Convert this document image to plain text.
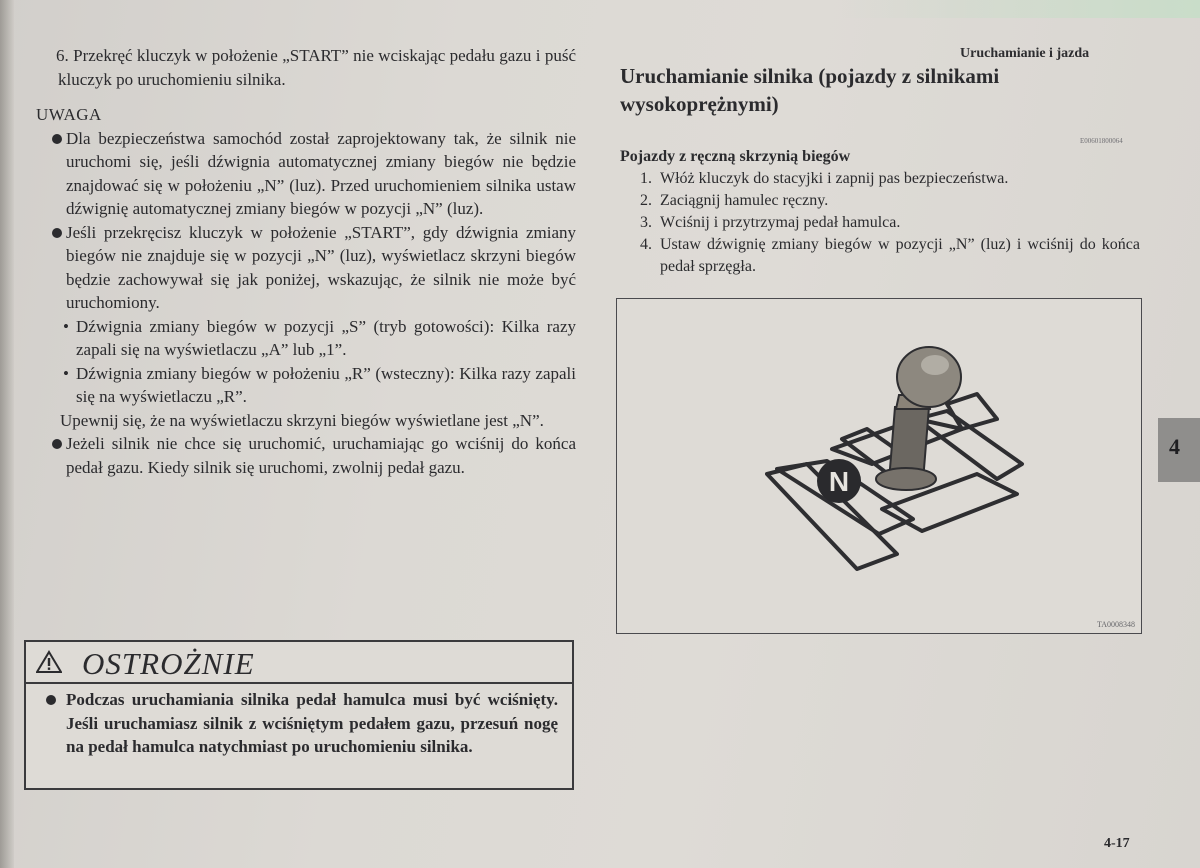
Uruchamianie i jazda

6. Przekręć kluczyk w położenie „START” nie wciskając pedału gazu i puść kluczyk po uruchomieniu silnika.

UWAGA

Dla bezpieczeństwa samochód został zaprojektowany tak, że silnik nie uruchomi się, jeśli dźwignia automatycznej zmiany biegów nie będzie znajdować się w położeniu „N” (luz). Przed uruchomieniem silnika ustaw dźwignię automatycznej zmiany biegów w pozycji „N” (luz).
Jeśli przekręcisz kluczyk w położenie „START”, gdy dźwignia zmiany biegów nie znajduje się w pozycji „N” (luz), wyświetlacz skrzyni biegów będzie zachowywał się jak poniżej, wskazując, że silnik nie może być uruchomiony.
• Dźwignia zmiany biegów w pozycji „S” (tryb gotowości): Kilka razy zapali się na wyświetlaczu „A” lub „1”.
• Dźwignia zmiany biegów w położeniu „R” (wsteczny): Kilka razy zapali się na wyświetlaczu „R”.

Upewnij się, że na wyświetlaczu skrzyni biegów wyświetlane jest „N”.

Jeżeli silnik nie chce się uruchomić, uruchamiając go wciśnij do końca pedał gazu. Kiedy silnik się uruchomi, zwolnij pedał gazu.
OSTROŻNIE
Podczas uruchamiania silnika pedał hamulca musi być wciśnięty. Jeśli uruchamiasz silnik z wciśniętym pedałem gazu, przesuń nogę na pedał hamulca natychmiast po uruchomieniu silnika.
Uruchamianie silnika (pojazdy z silnikami wysokoprężnymi)
E00601800064
Pojazdy z ręczną skrzynią biegów
1. Włóż kluczyk do stacyjki i zapnij pas bezpieczeństwa.
2. Zaciągnij hamulec ręczny.
3. Wciśnij i przytrzymaj pedał hamulca.
4. Ustaw dźwignię zmiany biegów w pozycji „N” (luz) i wciśnij do końca pedał sprzęgła.
N
TA0008348
4
4-17
